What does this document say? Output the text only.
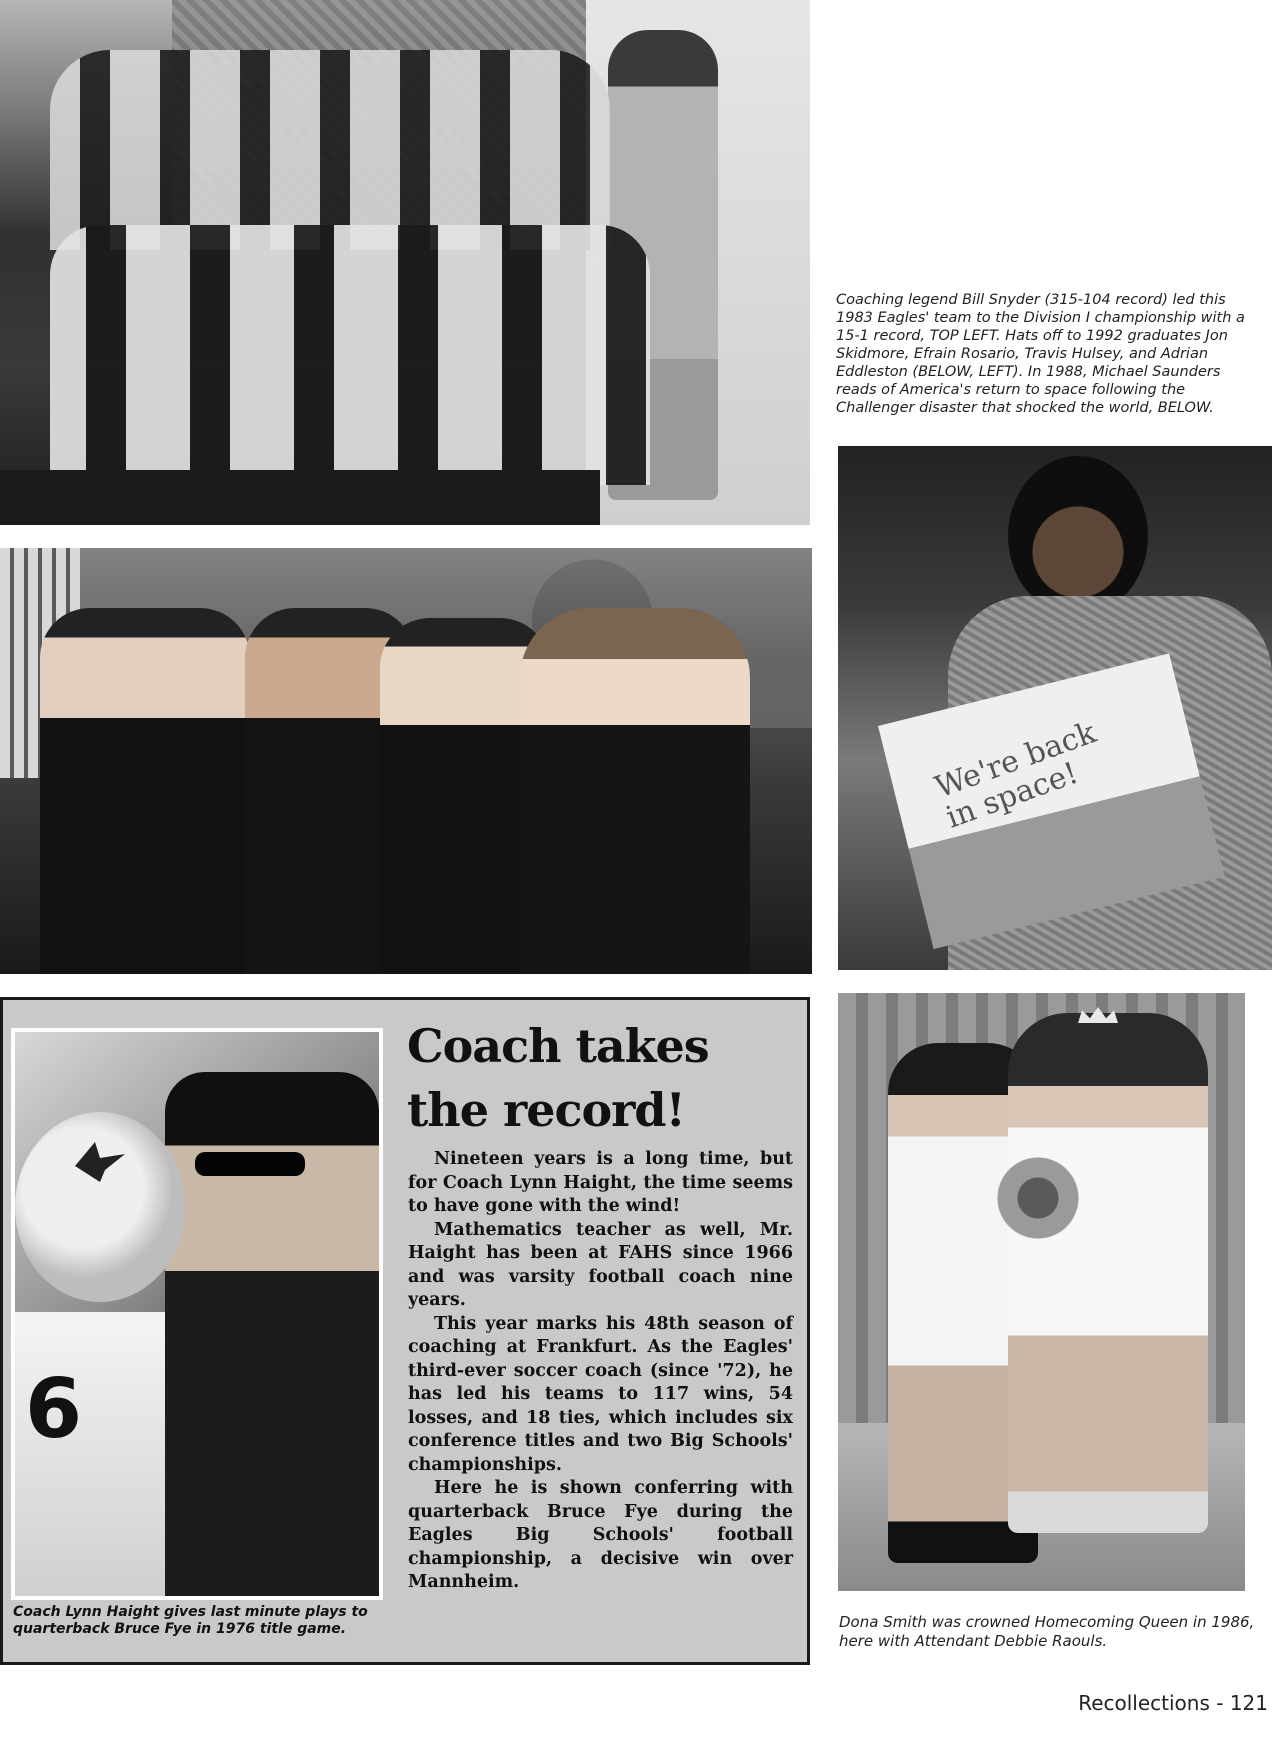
Coaching legend Bill Snyder (315-104 record) led this 1983 Eagles' team to the Division I championship with a 15-1 record, TOP LEFT. Hats off to 1992 graduates Jon Skidmore, Efrain Rosario, Travis Hulsey, and Adrian Eddleston (BELOW, LEFT). In 1988, Michael Saunders reads of America's return to space following the Challenger disaster that shocked the world, BELOW.

We're back in space!
6

Coach Lynn Haight gives last minute plays to quarterback Bruce Fye in 1976 title game.

Coach takes the record!

Nineteen years is a long time, but for Coach Lynn Haight, the time seems to have gone with the wind!

Mathematics teacher as well, Mr. Haight has been at FAHS since 1966 and was varsity football coach nine years.

This year marks his 48th season of coaching at Frankfurt. As the Eagles' third-ever soccer coach (since '72), he has led his teams to 117 wins, 54 losses, and 18 ties, which includes six conference titles and two Big Schools' championships.

Here he is shown conferring with quarterback Bruce Fye during the Eagles Big Schools' football championship, a decisive win over Mannheim.

Dona Smith was crowned Homecoming Queen in 1986, here with Attendant Debbie Raouls.

Recollections - 121
